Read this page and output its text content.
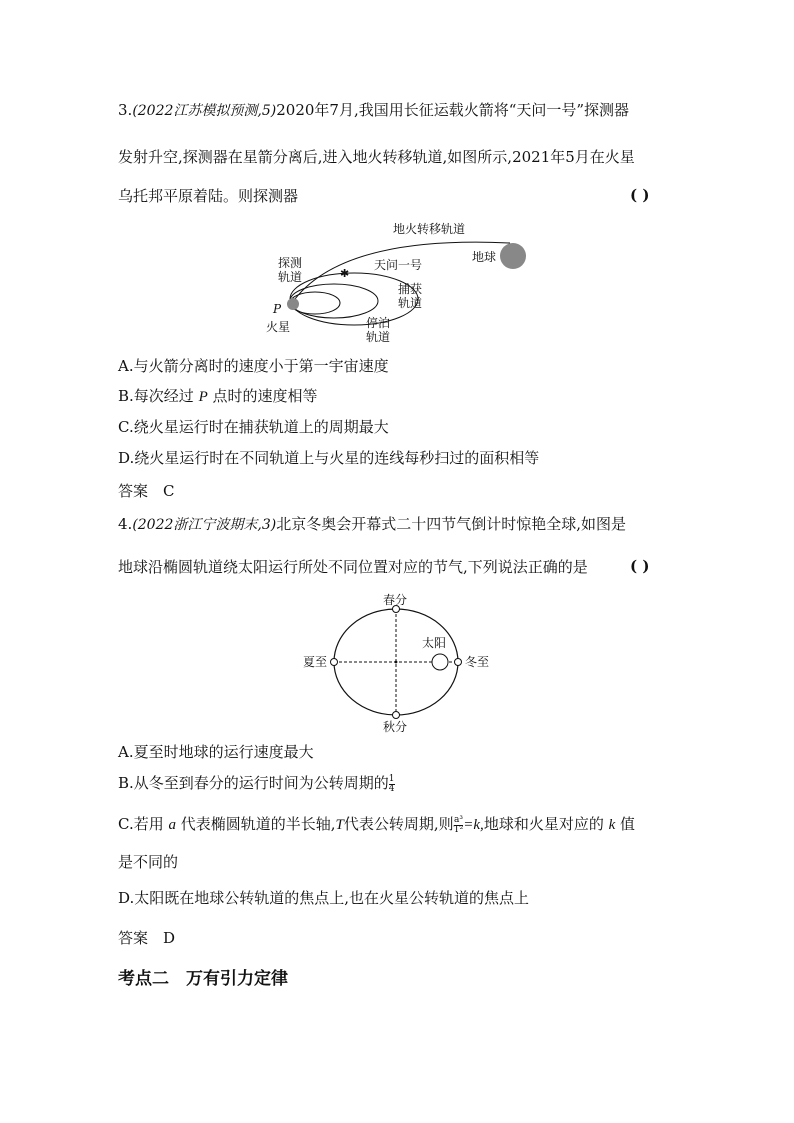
3.(2022江苏模拟预测,5)2020年7月,我国用长征运载火箭将“天问一号”探测器
发射升空,探测器在星箭分离后,进入地火转移轨道,如图所示,2021年5月在火星
乌托邦平原着陆。则探测器	( )
✱
地火转移轨道
地球
探测
轨道
天问一号
捕获
轨道
P
火星	停泊
轨道
A.与火箭分离时的速度小于第一宇宙速度
B.每次经过 P 点时的速度相等
C.绕火星运行时在捕获轨道上的周期最大
D.绕火星运行时在不同轨道上与火星的连线每秒扫过的面积相等
答案　C
4.(2022浙江宁波期末,3)北京冬奥会开幕式二十四节气倒计时惊艳全球,如图是
地球沿椭圆轨道绕太阳运行所处不同位置对应的节气,下列说法正确的是	( )
春分
夏至	冬至
秋分
太阳
A.夏至时地球的运行速度最大
B.从冬至到春分的运行时间为公转周期的 $\frac{1}{4}$
C.若用 a 代表椭圆轨道的半长轴,T代表公转周期,则 $\frac{\text{a³}}{\text{T²}} =k$,地球和火星对应的 k 值
是不同的
D.太阳既在地球公转轨道的焦点上,也在火星公转轨道的焦点上
答案　D
考点二　万有引力定律
